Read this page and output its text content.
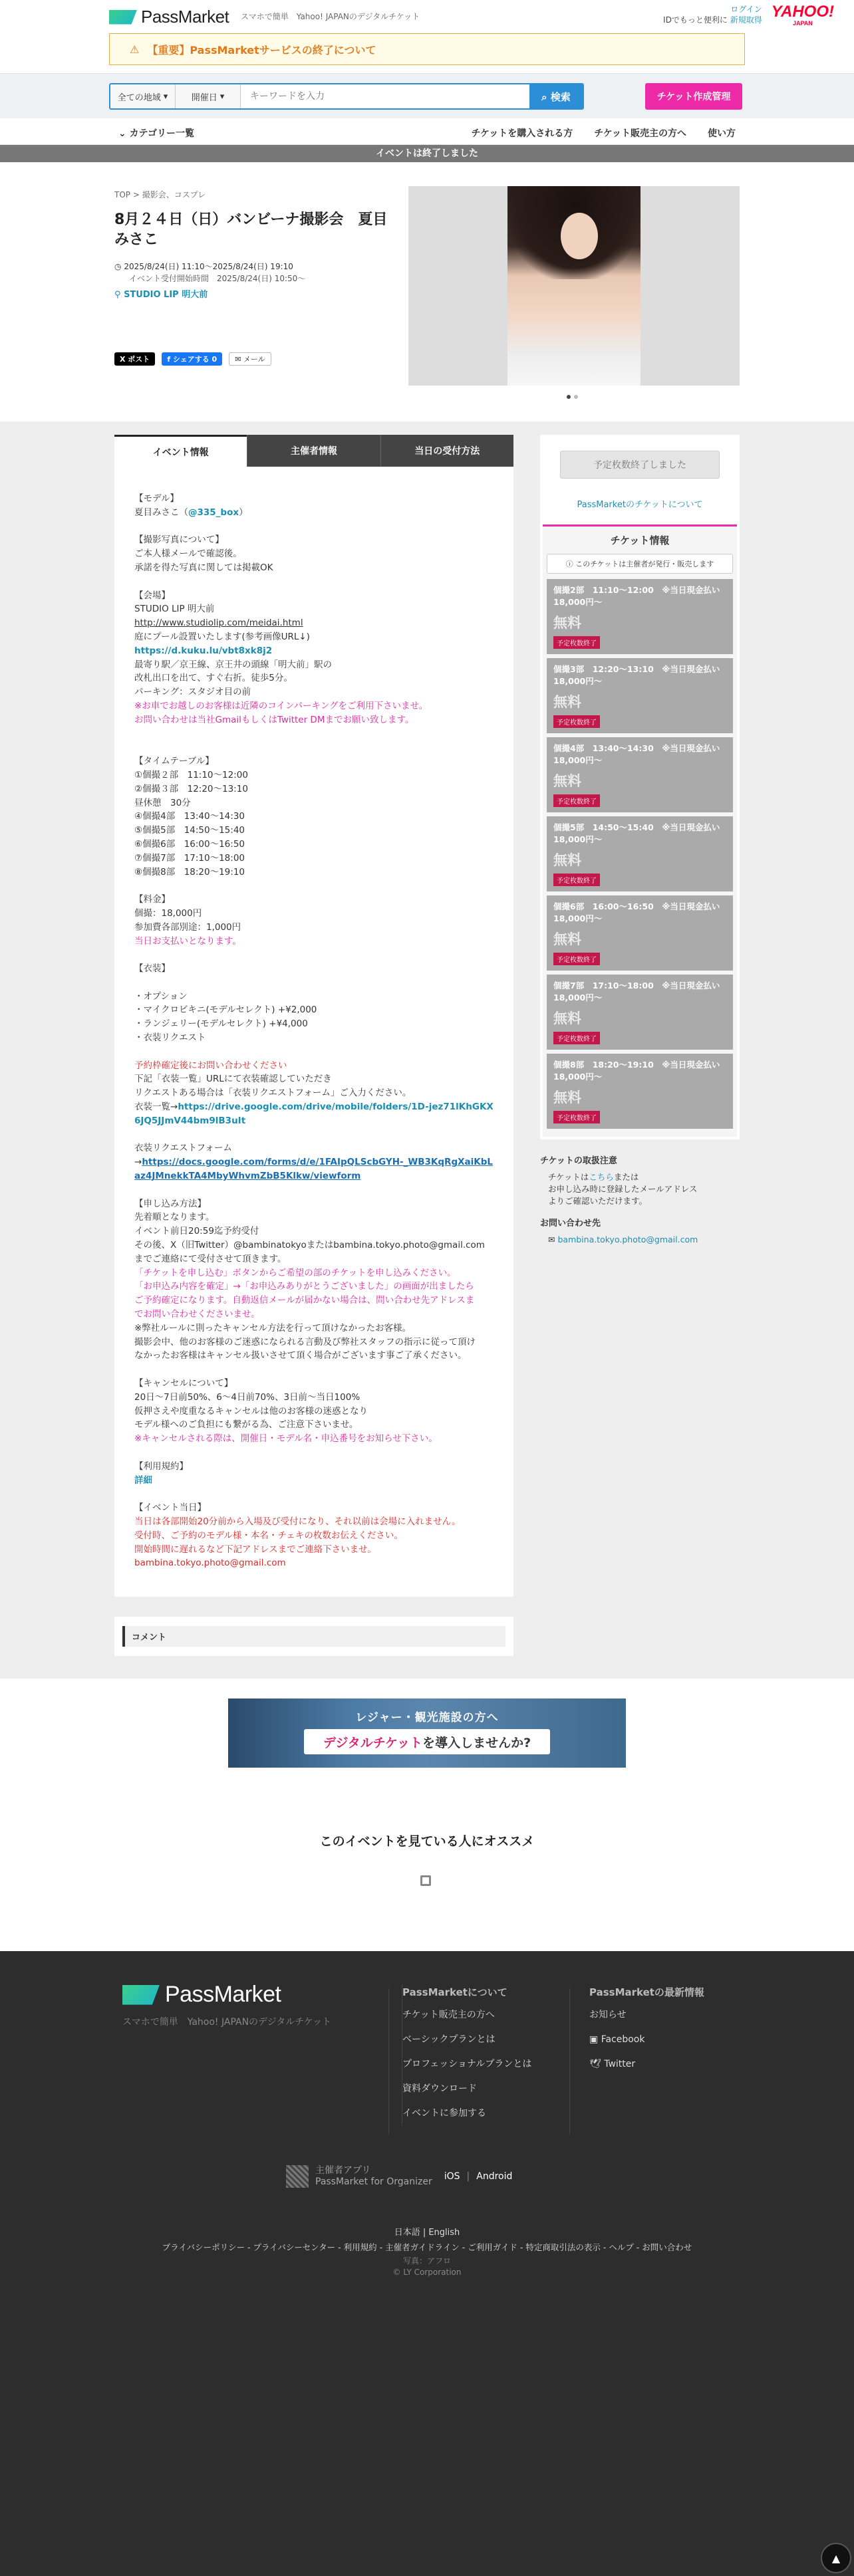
PassMarket スマホで簡単　Yahoo! JAPANのデジタルチケット
ログイン
IDでもっと便利に 新規取得 YAHOO!
JAPAN
⚠ 【重要】PassMarketサービスの終了について
全ての地域 ▾	開催日 ▾
キーワードを入力	⌕ 検索	チケット作成管理
⌄ カテゴリー一覧	チケットを購入される方 チケット販売主の方へ 使い方
イベントは終了しました
TOP > 撮影会、コスプレ
8月２４日（日）バンビーナ撮影会　夏目みさこ
◷ 2025/8/24(日) 11:10〜2025/8/24(日) 19:10
イベント受付開始時間　2025/8/24(日) 10:50〜
⚲ STUDIO LIP 明大前
X ポスト	f シェアする 0	✉
メール
イベント情報	主催者情報	当日の受付方法
【モデル】
夏目みさこ（@335_box）

【撮影写真について】
ご本人様メールで確認後。
承諾を得た写真に関しては掲載OK

【会場】
STUDIO LIP 明大前
http://www.studiolip.com/meidai.html
庭にプール設置いたします(参考画像URL↓)
https://d.kuku.lu/vbt8xk8j2
最寄り駅／京王線、京王井の頭線「明大前」駅の
改札出口を出て、すぐ右折。徒歩5分。
パーキング：スタジオ目の前
※お車でお越しのお客様は近隣のコインパーキングをご利用下さいませ。
お問い合わせは当社GmailもしくはTwitter DMまでお願い致します。

【タイムテーブル】
①個撮２部　11:10〜12:00
②個撮３部　12:20〜13:10
昼休憩　30分
④個撮4部　13:40〜14:30
⑤個撮5部　14:50〜15:40
⑥個撮6部　16:00〜16:50
⑦個撮7部　17:10〜18:00
⑧個撮8部　18:20〜19:10

【料金】
個撮：18,000円
参加費各部別途：1,000円
当日お支払いとなります。

【衣装】

・オプション
・マイクロビキニ(モデルセレクト) +¥2,000
・ランジェリー(モデルセレクト) +¥4,000
・衣装リクエスト

予約枠確定後にお問い合わせください
下記「衣装一覧」URLにて衣装確認していただき
リクエストある場合は「衣装リクエストフォーム」ご入力ください。
衣装一覧→https://drive.google.com/drive/mobile/folders/1D-jez71lKhGKX6JQ5JJmV44bm9lB3uIt

衣装リクエストフォーム
→https://docs.google.com/forms/d/e/1FAIpQLScbGYH-_WB3KqRgXaiKbLaz4JMnekkTA4MbyWhvmZbB5Klkw/viewform

【申し込み方法】
先着順となります。
イベント前日20:59迄予約受付
その後、X（旧Twitter）@bambinatokyoまたはbambina.tokyo.photo@gmail.com
までご連絡にて受付させて頂きます。
「チケットを申し込む」ボタンからご希望の部のチケットを申し込みください。
「お申込み内容を確定」→「お申込みありがとうございました」の画面が出ましたら
ご予約確定になります。自動返信メールが届かない場合は、問い合わせ先アドレスま
でお問い合わせくださいませ。
※弊社ルールに則ったキャンセル方法を行って頂けなかったお客様。
撮影会中、他のお客様のご迷惑になられる言動及び弊社スタッフの指示に従って頂け
なかったお客様はキャンセル扱いさせて頂く場合がございます事ご了承ください。

【キャンセルについて】
20日〜7日前50%、6〜4日前70%、3日前〜当日100%
仮押さえや度重なるキャンセルは他のお客様の迷惑となり
モデル様へのご負担にも繋がる為、ご注意下さいませ。
※キャンセルされる際は、開催日・モデル名・申込番号をお知らせ下さい。

【利用規約】
詳細

【イベント当日】
当日は各部開始20分前から入場及び受付になり、それ以前は会場に入れません。
受付時、ご予約のモデル様・本名・チェキの枚数お伝えください。
開始時間に遅れるなど下記アドレスまでご連絡下さいませ。
bambina.tokyo.photo@gmail.com
コメント
予定枚数終了しました
PassMarketのチケットについて
チケット情報
ⓘ このチケットは主催者が発行・販売します
個撮2部　11:10〜12:00　※当日現金払い　18,000円〜
無料
予定枚数終了
個撮3部　12:20〜13:10　※当日現金払い　18,000円〜
無料
予定枚数終了
個撮4部　13:40〜14:30　※当日現金払い　18,000円〜
無料
予定枚数終了
個撮5部　14:50〜15:40　※当日現金払い　18,000円〜
無料
予定枚数終了
個撮6部　16:00〜16:50　※当日現金払い　18,000円〜
無料
予定枚数終了
個撮7部　17:10〜18:00　※当日現金払い　18,000円〜
無料
予定枚数終了
個撮8部　18:20〜19:10　※当日現金払い　18,000円〜
無料
予定枚数終了
チケットの取扱注意

チケットはこちらまたは
お申し込み時に登録したメールアドレス
よりご確認いただけます。

お問い合わせ先

✉ bambina.tokyo.photo@gmail.com

レジャー・観光施設の方へ
デジタルチケット を導入しませんか?
このイベントを見ている人にオススメ
PassMarket
スマホで簡単　Yahoo! JAPANのデジタルチケット
PassMarketについて
チケット販売主の方へ
ベーシックプランとは
プロフェッショナルプランとは
資料ダウンロード
イベントに参加する
PassMarketの最新情報
お知らせ
▣ Facebook
🕊 Twitter
主催者アプリ
PassMarket for Organizer iOS | Android
日本語 | English
プライバシーポリシー - プライバシーセンター - 利用規約 - 主催者ガイドライン - ご利用ガイド - 特定商取引法の表示 - ヘルプ - お問い合わせ
写真：アフロ
© LY Corporation
▲
